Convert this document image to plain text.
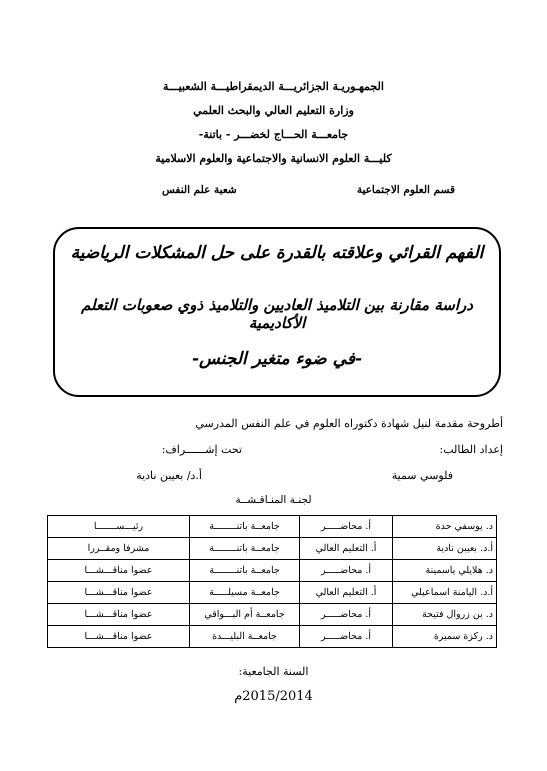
الجمهـوريـة الجزائريـــة الديمقراطيـــة الشعبيـــة
وزارة التعليم العالي والبحث العلمي
جامعـــة الحـــاج لخضـــر - باتنة-
كليـــة العلوم الانسانية والاجتماعية والعلوم الاسلامية
قسم العلوم الاجتماعية
شعبة علم النفس
الفهم القرائي وعلاقته بالقدرة على حل المشكلات الرياضية
دراسة مقارنة بين التلاميذ العاديين والتلاميذ ذوي صعوبات التعلم الأكاديمية
-في ضوء متغير الجنس-
أطروحة مقدمة لنيل شهادة دكتوراه العلوم في علم النفس المدرسي
إعداد الطالب:
تحت إشــــــراف:
فلوسي سمية
أ.د/ بعيبن نادية
لجنـة المنـاقـشــة
د. يوسفي حدة	أ. محاضـــــر	جامعــة باتنــــــــة	رئيـــســـــــا
أ.د. بعيبن نادية	أ. التعليم العالي	جامعــة باتنــــــــة	مشرفا ومقــررا
د. هلايلي ياسمينة	أ. محاضـــــر	جامعــة باتنــــــــة	عضوا مناقـــشـــا
أ.د. اليامنة اسماعيلي	أ. التعليم العالي	جامعــة مسيلـــــة	عضوا مناقـــشـــا
د. بن زروال فتيحة	أ. محاضـــــر	جامعــة أم البـــواقي	عضوا مناقـــشـــا
د. ركزة سميرة	أ. محاضـــــر	جامعــة البليـــدة	عضوا مناقـــشـــا
السنة الجامعية:
2015/2014م
